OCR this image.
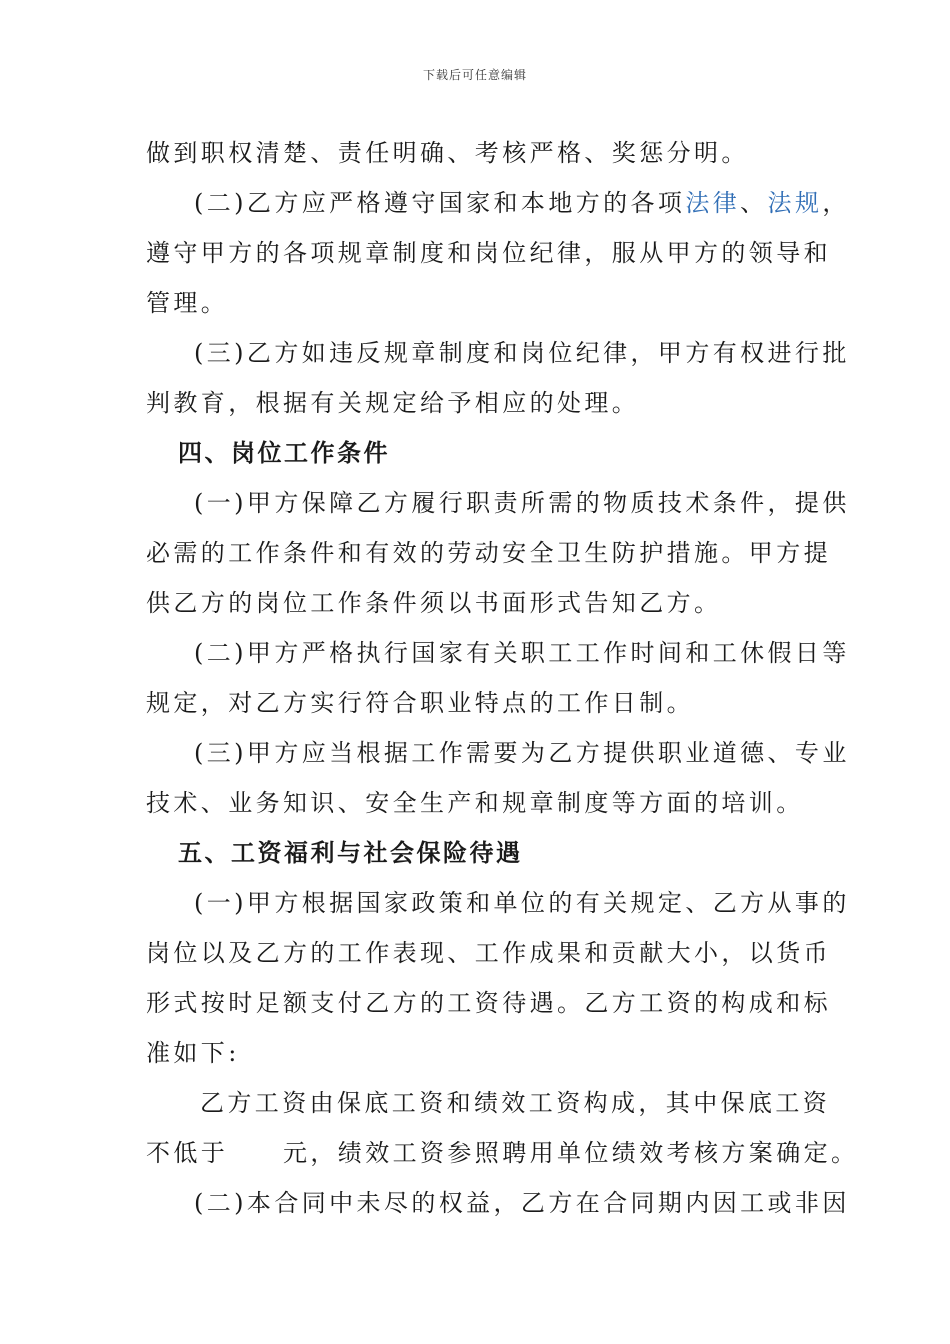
下载后可任意编辑
做到职权清楚、责任明确、考核严格、奖惩分明。
(二)乙方应严格遵守国家和本地方的各项法律、法规，
遵守甲方的各项规章制度和岗位纪律，服从甲方的领导和
管理。
(三)乙方如违反规章制度和岗位纪律，甲方有权进行批
判教育，根据有关规定给予相应的处理。
四、岗位工作条件
(一)甲方保障乙方履行职责所需的物质技术条件，提供
必需的工作条件和有效的劳动安全卫生防护措施。甲方提
供乙方的岗位工作条件须以书面形式告知乙方。
(二)甲方严格执行国家有关职工工作时间和工休假日等
规定，对乙方实行符合职业特点的工作日制。
(三)甲方应当根据工作需要为乙方提供职业道德、专业
技术、业务知识、安全生产和规章制度等方面的培训。
五、工资福利与社会保险待遇
(一)甲方根据国家政策和单位的有关规定、乙方从事的
岗位以及乙方的工作表现、工作成果和贡献大小，以货币
形式按时足额支付乙方的工资待遇。乙方工资的构成和标
准如下:
乙方工资由保底工资和绩效工资构成，其中保底工资
不低于　　元，绩效工资参照聘用单位绩效考核方案确定。
(二)本合同中未尽的权益，乙方在合同期内因工或非因
